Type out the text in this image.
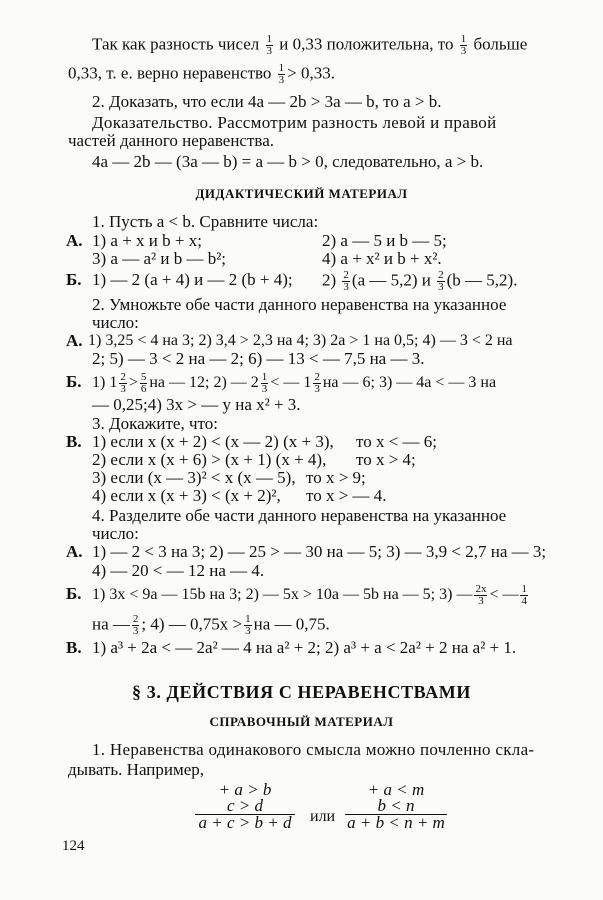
Так как разность чисел $\frac{1}{3}$ и 0,33 положительна, то $\frac{1}{3}$ больше
0,33, т. е. верно неравенство $\frac{1}{3} > 0,33$.
2. Доказать, что если 4a — 2b > 3a — b, то a > b.
Доказательство. Рассмотрим разность левой и правой
частей данного неравенства.
4a — 2b — (3a — b) = a — b > 0, следовательно, a > b.
ДИДАКТИЧЕСКИЙ МАТЕРИАЛ
1. Пусть a < b. Сравните числа:
А. 1) a + x и b + x;	2) a — 5 и b — 5;
3) a — a² и b — b²;	4) a + x² и b + x².
Б. 1) — 2 (a + 4) и — 2 (b + 4); $2) \frac{2}{3} (a$ — 5,2) и $\frac{2}{3} (b$ — 5,2).
2. Умножьте обе части данного неравенства на указанное
число:
А. 1) 3,25 < 4 на 3; 2) 3,4 > 2,3 на 4; 3) 2a > 1 на 0,5; 4) — 3 < 2 на
2; 5) — 3 < 2 на — 2; 6) — 13 < — 7,5 на — 3.
Б. 1) $1 \frac{2}{3} > \frac{5}{6}$ на — 12; 2) — $2 \frac{1}{3}$ < — $1 \frac{2}{3}$ на — 6; 3) — 4a < — 3 на
— 0,25;4) 3x > — y на x² + 3.
3. Докажите, что:
В. 1) если x (x + 2) < (x — 2) (x + 3), то x < — 6;
2) если x (x + 6) > (x + 1) (x + 4), то x > 4;
3) если (x — 3)² < x (x — 5), то x > 9;
4) если x (x + 3) < (x + 2)², то x > — 4.
4. Разделите обе части данного неравенства на указанное
число:
А. 1) — 2 < 3 на 3; 2) — 25 > — 30 на — 5; 3) — 3,9 < 2,7 на — 3;
4) — 20 < — 12 на — 4.
Б. 1) 3x < 9a — 15b на 3; 2) — 5x > 10a — 5b на — 5; 3) — $\frac{2x}{3}$ < — $\frac{1}{4}$
на — $\frac{2}{3}$ ; 4) — $0,75x > \frac{1}{3}$ на — 0,75.
В. 1) a³ + 2a < — 2a² — 4 на a² + 2; 2) a³ + a < 2a² + 2 на a² + 1.
§ 3. ДЕЙСТВИЯ С НЕРАВЕНСТВАМИ
СПРАВОЧНЫЙ МАТЕРИАЛ
1. Неравенства одинакового смысла можно почленно скла-
дывать. Например,
+ a > b
c > d
a + c > b + d или
+ a < m
b < n
a + b < n + m
124
